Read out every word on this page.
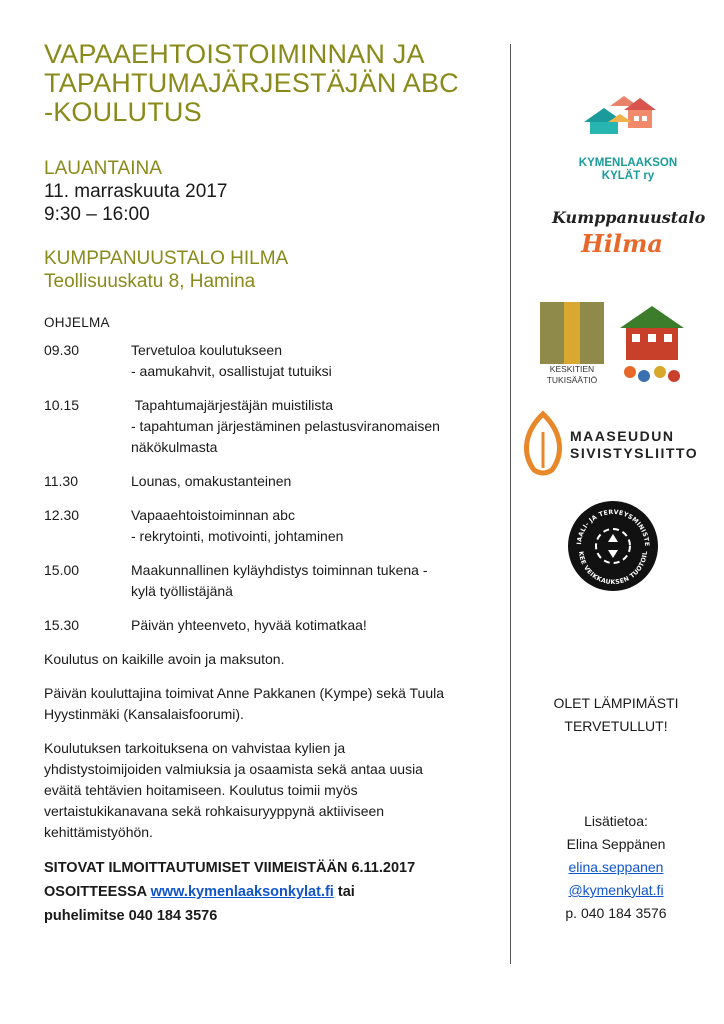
VAPAAEHTOISTOIMINNAN JA
TAPAHTUMAJÄRJESTÄJÄN ABC
-KOULUTUS
LAUANTAINA
11. marraskuuta 2017
9:30 – 16:00
KUMPPANUUSTALO HILMA
Teollisuuskatu 8, Hamina
OHJELMA
09.30	Tervetuloa koulutukseen
- aamukahvit, osallistujat tutuiksi
10.15	Tapahtumajärjestäjän muistilista
- tapahtuman järjestäminen pelastusviranomaisen
näkökulmasta
11.30	Lounas, omakustanteinen
12.30	Vapaaehtoistoiminnan abc
- rekrytointi, motivointi, johtaminen
15.00	Maakunnallinen kyläyhdistys toiminnan tukena -
kylä työllistäjänä
15.30	Päivän yhteenveto, hyvää kotimatkaa!

Koulutus on kaikille avoin ja maksuton.

Päivän kouluttajina toimivat Anne Pakkanen (Kympe) sekä Tuula
Hyystinmäki (Kansalaisfoorumi).

Koulutuksen tarkoituksena on vahvistaa kylien ja
yhdistystoimijoiden valmiuksia ja osaamista sekä antaa uusia
eväitä tehtävien hoitamiseen. Koulutus toimii myös
vertaistukikanavana sekä rohkaisuryyppynä aktiiviseen
kehittämistyöhön.

SITOVAT ILMOITTAUTUMISET VIIMEISTÄÄN 6.11.2017
OSOITTEESSA www.kymenlaaksonkylat.fi tai
puhelimitse 040 184 3576
KYMENLAAKSON
KYLÄT ry
Kumppanuustalo
Hilma
KESKITIEN
TUKISÄÄTIÖ
MAASEUDUN
SIVISTYSLIITTO
IAALI- JA TERVEYSMINISTE
KEE VEIKKAUKSEN TUOTOIL
OLET LÄMPIMÄSTI
TERVETULLUT!
Lisätietoa:
Elina Seppänen
elina.seppanen
@kymenkylat.fi
p. 040 184 3576
